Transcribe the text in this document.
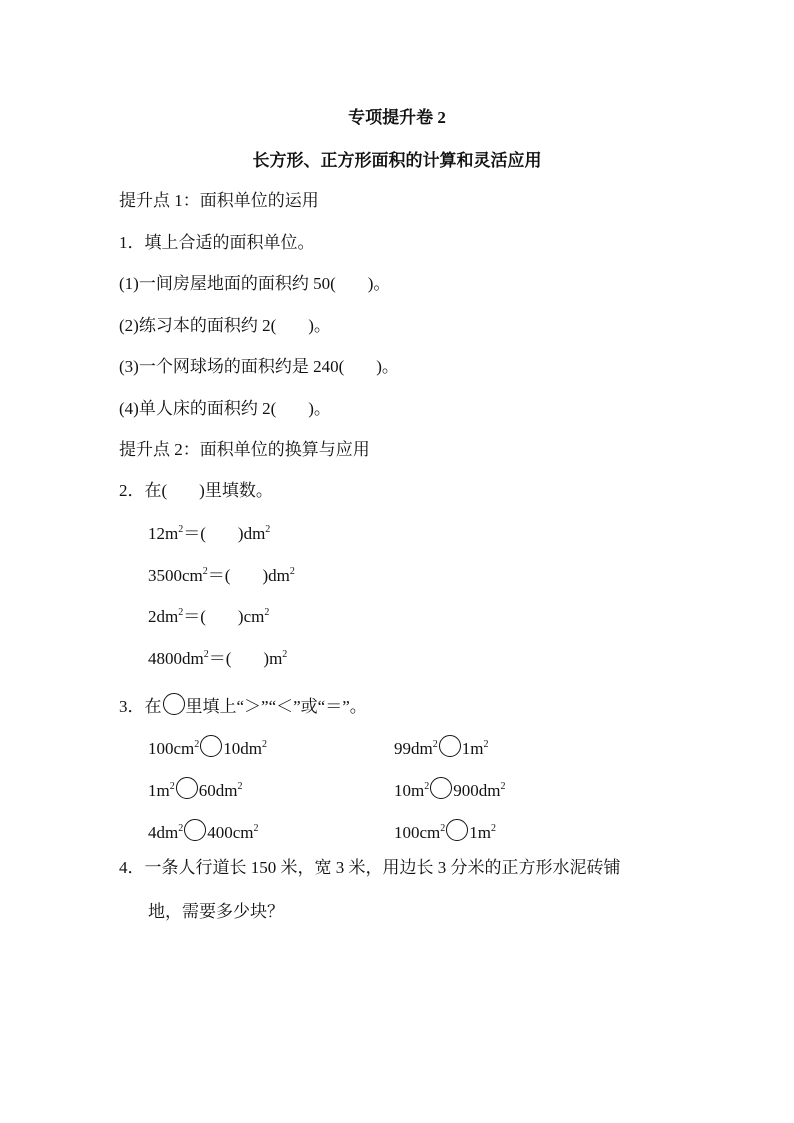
专项提升卷 2
长方形、正方形面积的计算和灵活应用
提升点 1：面积单位的运用
1．填上合适的面积单位。
(1)一间房屋地面的面积约 50( )。
(2)练习本的面积约 2( )。
(3)一个网球场的面积约是 240( )。
(4)单人床的面积约 2( )。
提升点 2：面积单位的换算与应用
2．在( )里填数。
$12m^2=$( )$dm^2$
$3500cm^2=$( )$dm^2$
$2dm^2=$( )$cm^2$
$4800dm^2=$( )$m^2$
3．在 里填上“＞”“＜”或“＝”。
$100cm^2$ $10dm^2$
$1m^2$ $60dm^2$
$4dm^2$ $400cm^2$
$99dm^2$ $1m^2$
$10m^2$ $900dm^2$
$100cm^2$ $1m^2$
4．一条人行道长 150 米，宽 3 米，用边长 3 分米的正方形水泥砖铺
地，需要多少块？
